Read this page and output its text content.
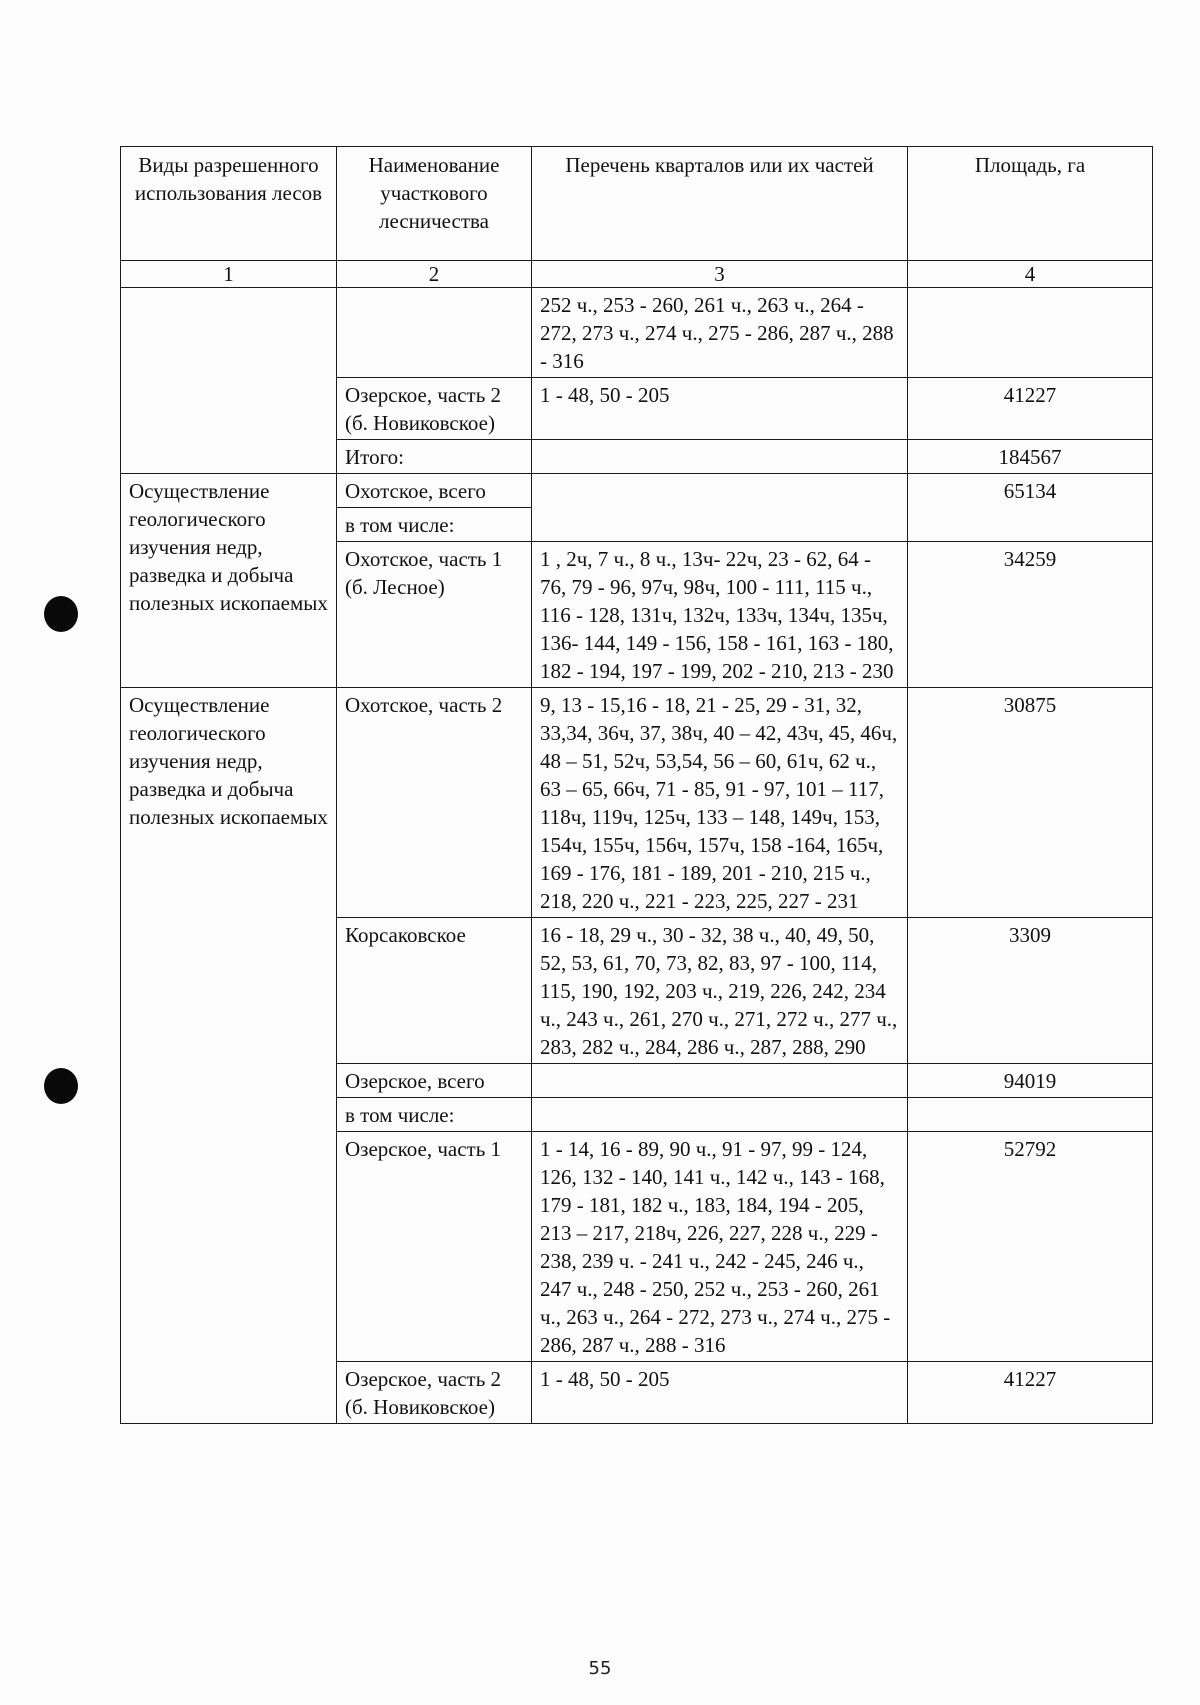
Виды разрешенного использования лесов	Наименование участкового лесничества	Перечень кварталов или их частей	Площадь, га
1	2	3	4
		252 ч., 253 - 260, 261 ч., 263 ч., 264 - 272, 273 ч., 274 ч., 275 - 286, 287 ч., 288 - 316	
	Озерское, часть 2 (б. Новиковское)	1 - 48, 50 - 205	41227
	Итого:		184567
Осуществление геологического изучения недр, разведка и добыча полезных ископаемых	Охотское, всего		65134
	в том числе:		
	Охотское, часть 1 (б. Лесное)	1 , 2ч, 7 ч., 8 ч., 13ч- 22ч, 23 - 62, 64 - 76, 79 - 96, 97ч, 98ч, 100 - 111, 115 ч., 116 - 128, 131ч, 132ч, 133ч, 134ч, 135ч, 136- 144, 149 - 156, 158 - 161, 163 - 180, 182 - 194, 197 - 199, 202 - 210, 213 - 230	34259
Осуществление геологического изучения недр, разведка и добыча полезных ископаемых	Охотское, часть 2	9, 13 - 15,16 - 18, 21 - 25, 29 - 31, 32, 33,34, 36ч, 37, 38ч, 40 – 42, 43ч, 45, 46ч, 48 – 51, 52ч, 53,54, 56 – 60, 61ч, 62 ч., 63 – 65, 66ч, 71 - 85, 91 - 97, 101 – 117, 118ч, 119ч, 125ч, 133 – 148, 149ч, 153, 154ч, 155ч, 156ч, 157ч, 158 -164, 165ч, 169 - 176, 181 - 189, 201 - 210, 215 ч., 218, 220 ч., 221 - 223, 225, 227 - 231	30875
	Корсаковское	16 - 18, 29 ч., 30 - 32, 38 ч., 40, 49, 50, 52, 53, 61, 70, 73, 82, 83, 97 - 100, 114, 115, 190, 192, 203 ч., 219, 226, 242, 234 ч., 243 ч., 261, 270 ч., 271, 272 ч., 277 ч., 283, 282 ч., 284, 286 ч., 287, 288, 290	3309
	Озерское, всего		94019
	в том числе:		
	Озерское, часть 1	1 - 14, 16 - 89, 90 ч., 91 - 97, 99 - 124, 126, 132 - 140, 141 ч., 142 ч., 143 - 168, 179 - 181, 182 ч., 183, 184, 194 - 205, 213 – 217, 218ч, 226, 227, 228 ч., 229 - 238, 239 ч. - 241 ч., 242 - 245, 246 ч., 247 ч., 248 - 250, 252 ч., 253 - 260, 261 ч., 263 ч., 264 - 272, 273 ч., 274 ч., 275 - 286, 287 ч., 288 - 316	52792
	Озерское, часть 2 (б. Новиковское)	1 - 48, 50 - 205	41227
55
